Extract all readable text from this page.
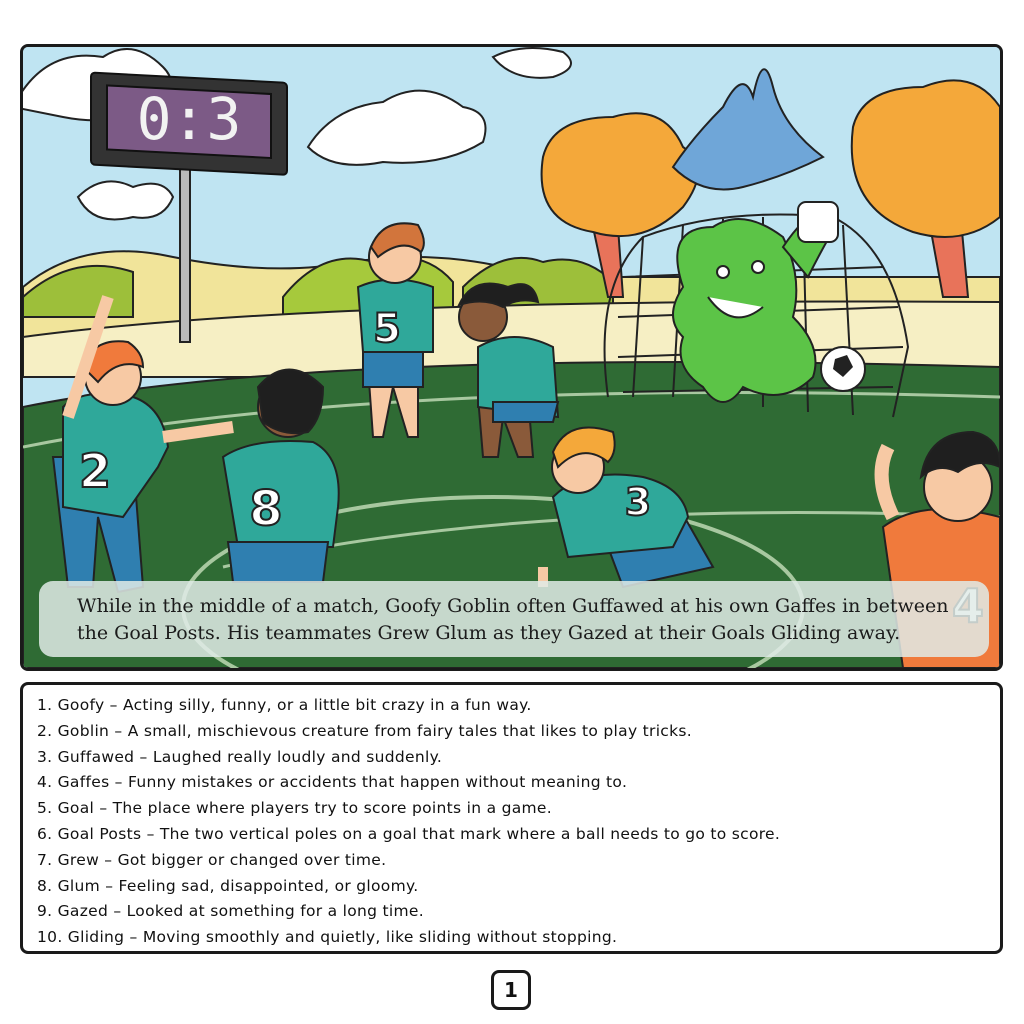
0:3
2
8
5
3
While in the middle of a match, Goofy Goblin often Guffawed at his own Gaffes in between
the Goal Posts. His teammates Grew Glum as they Gazed at their Goals Gliding away.
1. Goofy – Acting silly, funny, or a little bit crazy in a fun way.
2. Goblin – A small, mischievous creature from fairy tales that likes to play tricks.
3. Guffawed – Laughed really loudly and suddenly.
4. Gaffes – Funny mistakes or accidents that happen without meaning to.
5. Goal – The place where players try to score points in a game.
6. Goal Posts – The two vertical poles on a goal that mark where a ball needs to go to score.
7. Grew – Got bigger or changed over time.
8. Glum – Feeling sad, disappointed, or gloomy.
9. Gazed – Looked at something for a long time.
10. Gliding – Moving smoothly and quietly, like sliding without stopping.
1
